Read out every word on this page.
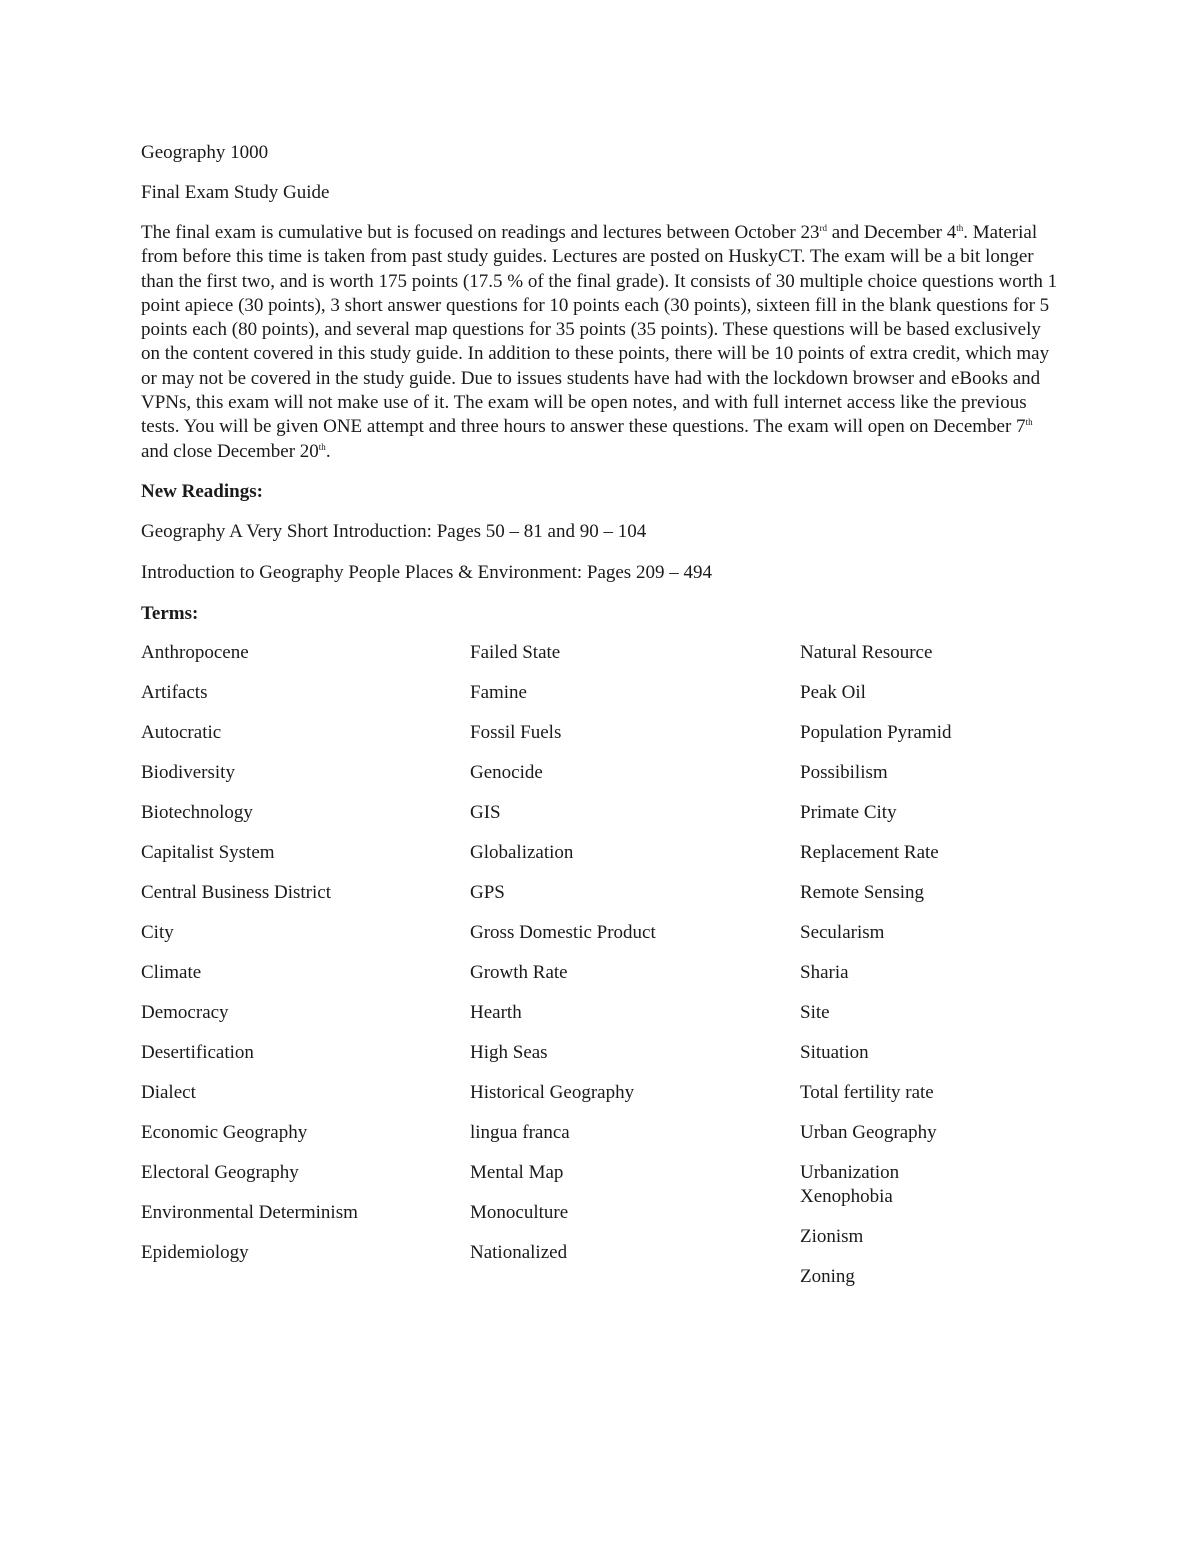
Geography 1000

Final Exam Study Guide

The final exam is cumulative but is focused on readings and lectures between October 23rd and December 4th. Material from before this time is taken from past study guides. Lectures are posted on HuskyCT. The exam will be a bit longer than the first two, and is worth 175 points (17.5 % of the final grade). It consists of 30 multiple choice questions worth 1 point apiece (30 points), 3 short answer questions for 10 points each (30 points), sixteen fill in the blank questions for 5 points each (80 points), and several map questions for 35 points (35 points). These questions will be based exclusively on the content covered in this study guide. In addition to these points, there will be 10 points of extra credit, which may or may not be covered in the study guide. Due to issues students have had with the lockdown browser and eBooks and VPNs, this exam will not make use of it. The exam will be open notes, and with full internet access like the previous tests. You will be given ONE attempt and three hours to answer these questions. The exam will open on December 7th and close December 20th.

New Readings:

Geography A Very Short Introduction: Pages 50 – 81 and 90 – 104

Introduction to Geography People Places & Environment: Pages 209 – 494

Terms:

Anthropocene
Artifacts
Autocratic
Biodiversity
Biotechnology
Capitalist System
Central Business District
City
Climate
Democracy
Desertification
Dialect
Economic Geography
Electoral Geography
Environmental Determinism
Epidemiology
Failed State
Famine
Fossil Fuels
Genocide
GIS
Globalization
GPS
Gross Domestic Product
Growth Rate
Hearth
High Seas
Historical Geography
lingua franca
Mental Map
Monoculture
Nationalized
Natural Resource
Peak Oil
Population Pyramid
Possibilism
Primate City
Replacement Rate
Remote Sensing
Secularism
Sharia
Site
Situation
Total fertility rate
Urban Geography
Urbanization
Xenophobia
Zionism
Zoning
